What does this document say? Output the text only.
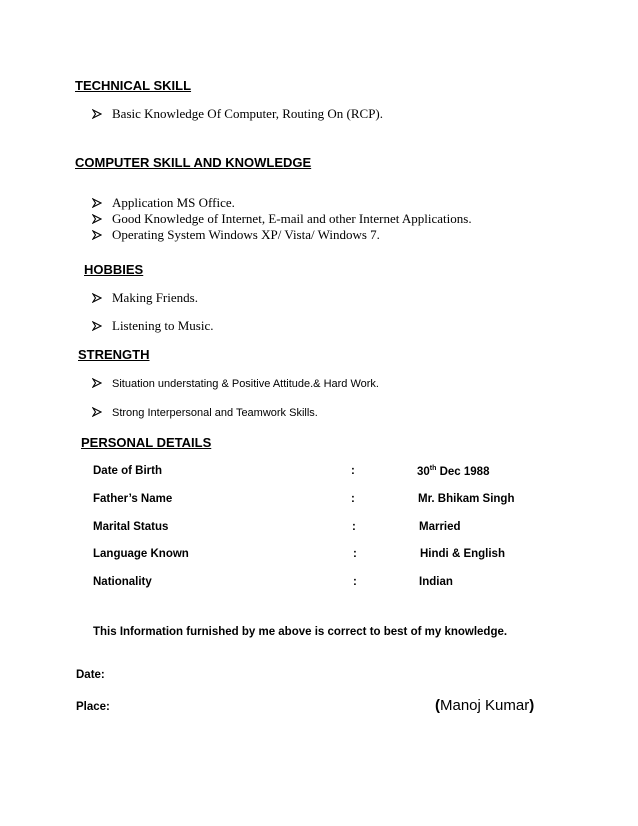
TECHNICAL SKILL
Basic Knowledge Of Computer, Routing On (RCP).
COMPUTER SKILL AND KNOWLEDGE
Application MS Office.
Good Knowledge of Internet, E-mail and other Internet Applications.
Operating System Windows XP/ Vista/ Windows 7.
HOBBIES
Making Friends.
Listening to Music.
STRENGTH
Situation understating & Positive Attitude.& Hard Work.
Strong Interpersonal and Teamwork Skills.
PERSONAL DETAILS
Date of Birth	:	30th Dec 1988
Father’s Name	:	Mr. Bhikam Singh
Marital Status	:	Married
Language Known	:	Hindi & English
Nationality	:	Indian
This Information furnished by me above is correct to best of my knowledge.
Date:
Place:	(Manoj Kumar)
